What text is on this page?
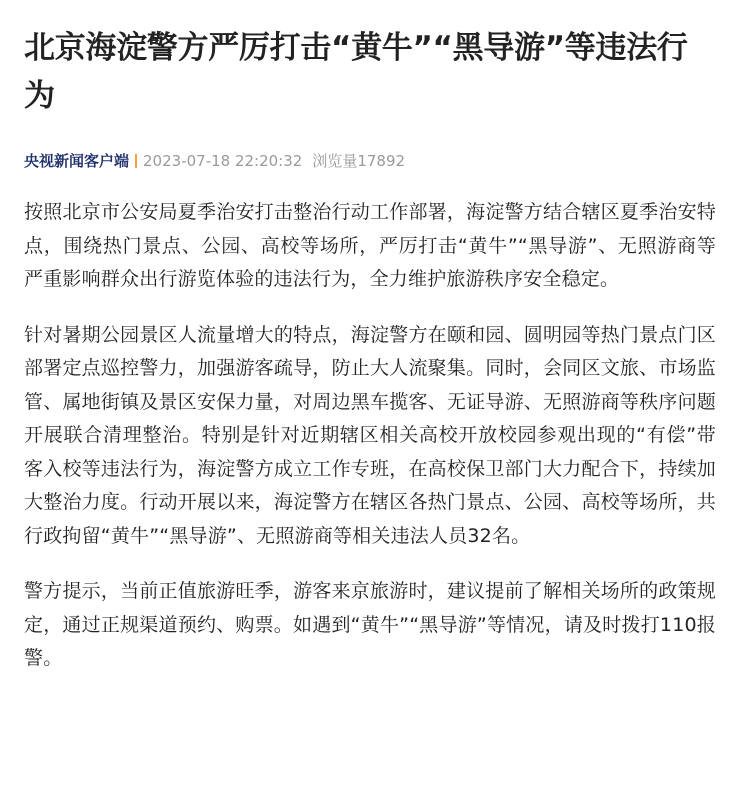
北京海淀警方严厉打击“黄牛”“黑导游”等违法行为
央视新闻客户端 2023-07-18 22:20:32 浏览量 17892

按照北京市公安局夏季治安打击整治行动工作部署，海淀警方结合辖区夏季治安特点，围绕热门景点、公园、高校等场所，严厉打击“黄牛”“黑导游”、无照游商等严重影响群众出行游览体验的违法行为，全力维护旅游秩序安全稳定。

针对暑期公园景区人流量增大的特点，海淀警方在颐和园、圆明园等热门景点门区部署定点巡控警力，加强游客疏导，防止大人流聚集。同时，会同区文旅、市场监管、属地街镇及景区安保力量，对周边黑车揽客、无证导游、无照游商等秩序问题开展联合清理整治。特别是针对近期辖区相关高校开放校园参观出现的“有偿”带客入校等违法行为，海淀警方成立工作专班，在高校保卫部门大力配合下，持续加大整治力度。行动开展以来，海淀警方在辖区各热门景点、公园、高校等场所，共行政拘留“黄牛”“黑导游”、无照游商等相关违法人员32名。

警方提示，当前正值旅游旺季，游客来京旅游时，建议提前了解相关场所的政策规定，通过正规渠道预约、购票。如遇到“黄牛”“黑导游”等情况，请及时拨打110报警。
